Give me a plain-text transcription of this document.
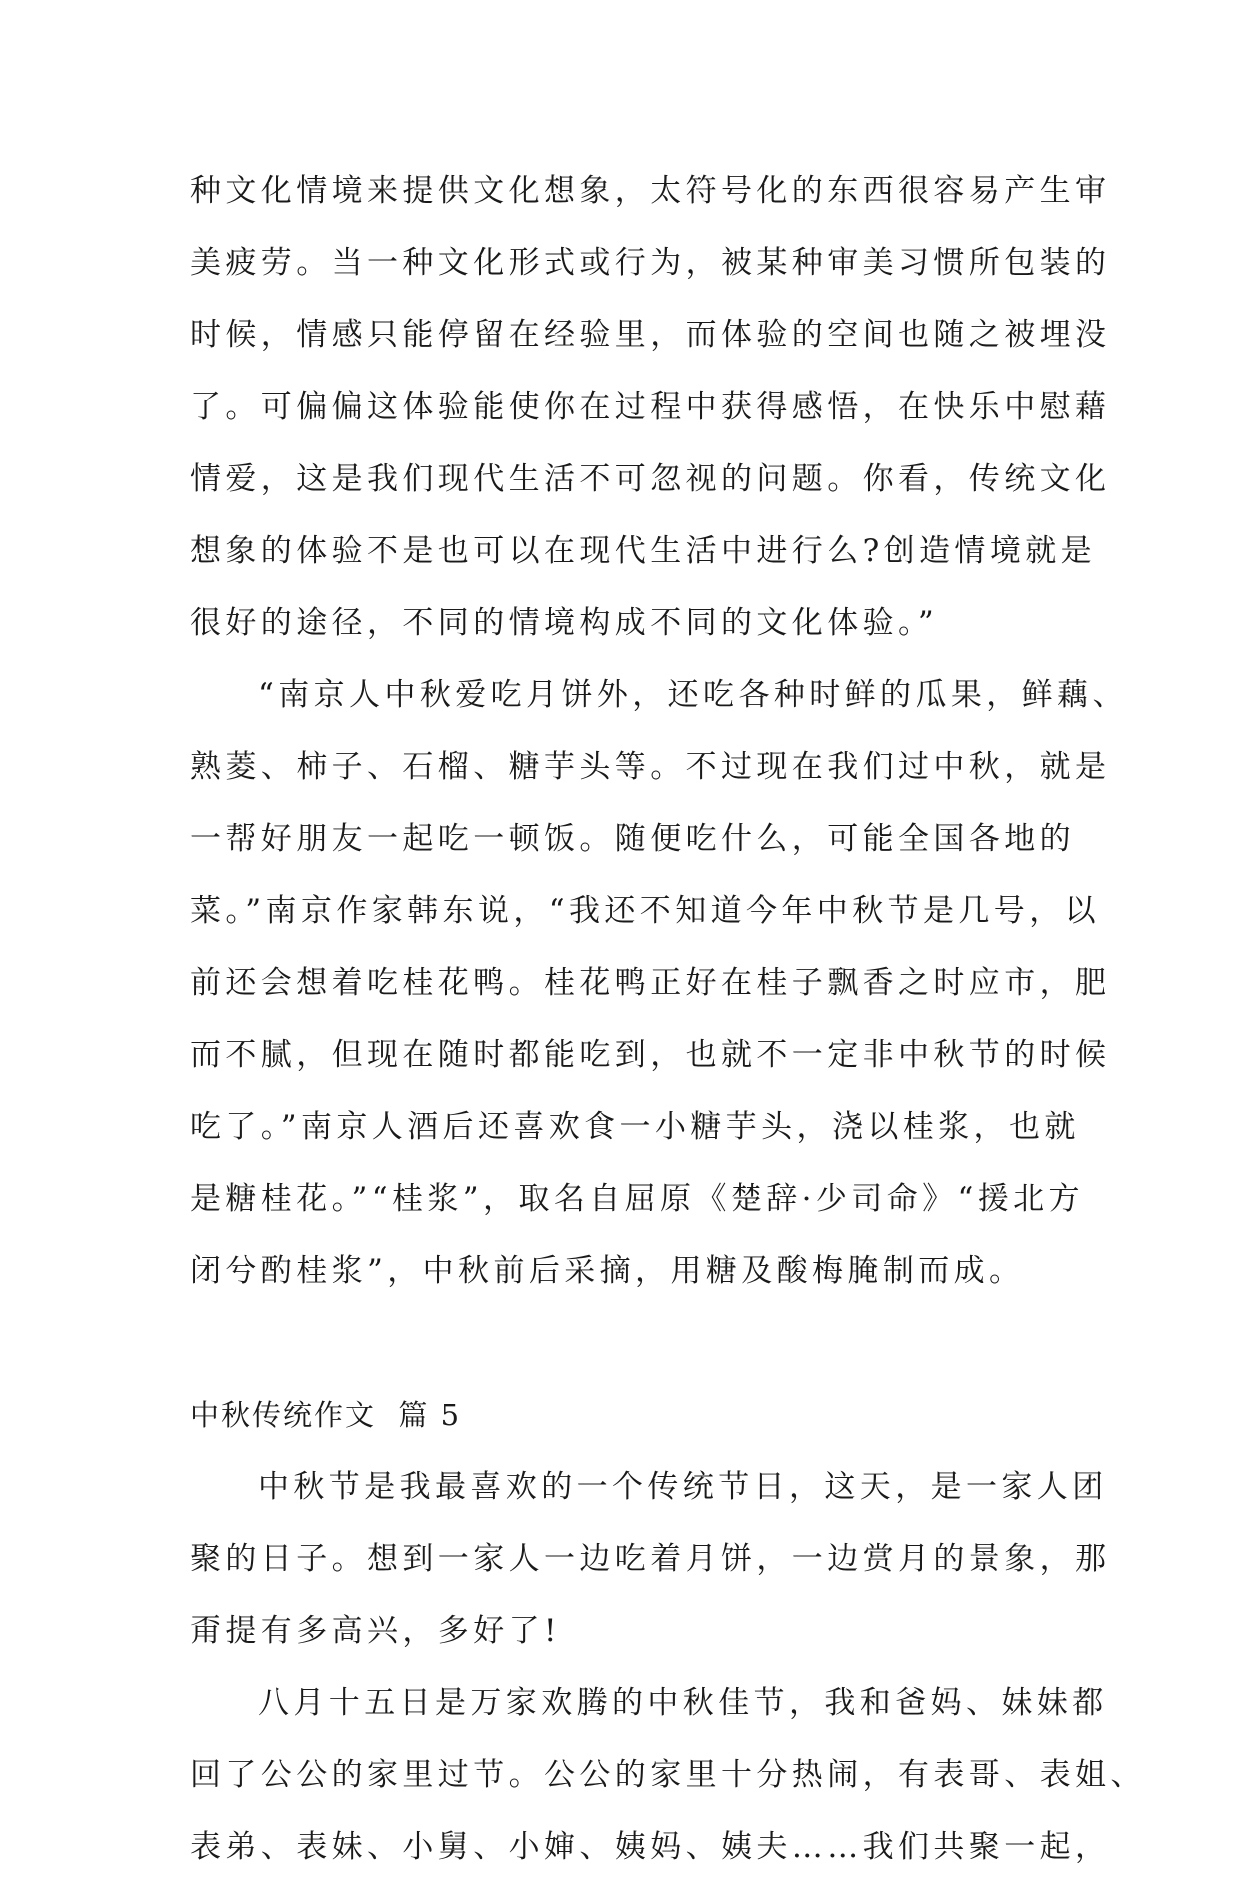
种文化情境来提供文化想象，太符号化的东西很容易产生审
美疲劳。当一种文化形式或行为，被某种审美习惯所包装的
时候，情感只能停留在经验里，而体验的空间也随之被埋没
了。可偏偏这体验能使你在过程中获得感悟，在快乐中慰藉
情爱，这是我们现代生活不可忽视的问题。你看，传统文化
想象的体验不是也可以在现代生活中进行么?创造情境就是
很好的途径，不同的情境构成不同的文化体验。”
“南京人中秋爱吃月饼外，还吃各种时鲜的瓜果，鲜藕、
熟菱、柿子、石榴、糖芋头等。不过现在我们过中秋，就是
一帮好朋友一起吃一顿饭。随便吃什么，可能全国各地的
菜。”南京作家韩东说，“我还不知道今年中秋节是几号，以
前还会想着吃桂花鸭。桂花鸭正好在桂子飘香之时应市，肥
而不腻，但现在随时都能吃到，也就不一定非中秋节的时候
吃了。”南京人酒后还喜欢食一小糖芋头，浇以桂浆，也就
是糖桂花。”“桂浆”，取名自屈原《楚辞·少司命》“援北方
闭兮酌桂浆”，中秋前后采摘，用糖及酸梅腌制而成。
中秋传统作文  篇 5
中秋节是我最喜欢的一个传统节日，这天，是一家人团
聚的日子。想到一家人一边吃着月饼，一边赏月的景象，那
甭提有多高兴，多好了!
八月十五日是万家欢腾的中秋佳节，我和爸妈、妹妹都
回了公公的家里过节。公公的家里十分热闹，有表哥、表姐、
表弟、表妹、小舅、小婶、姨妈、姨夫……我们共聚一起，
